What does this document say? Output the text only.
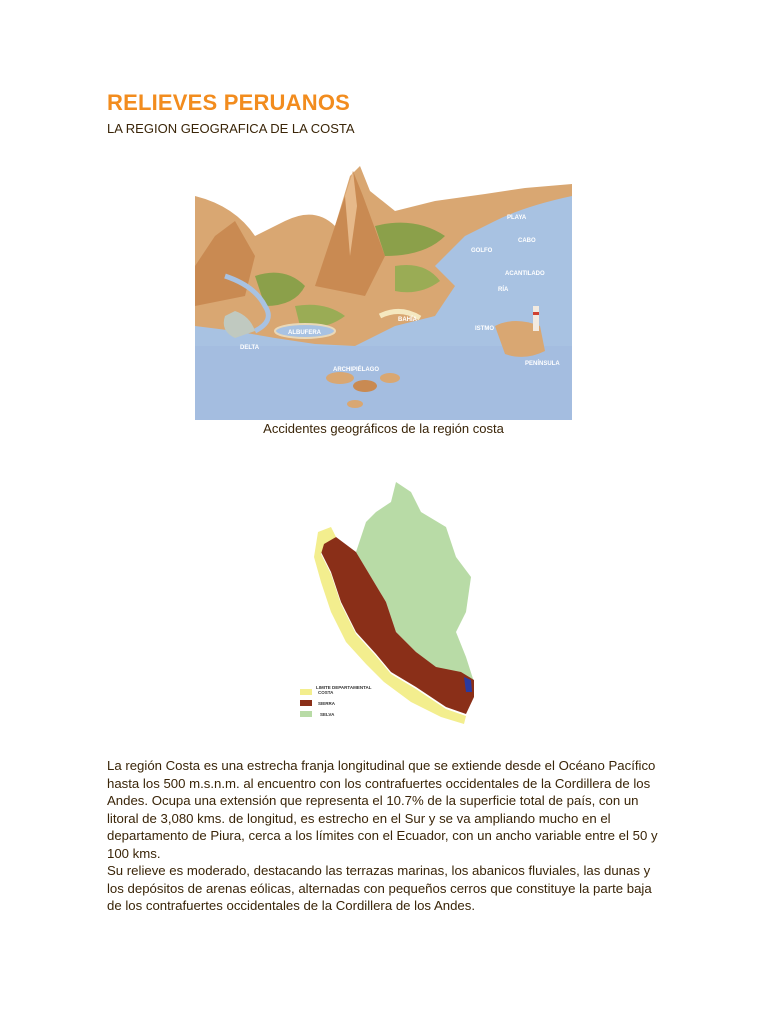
RELIEVES PERUANOS
LA REGION GEOGRAFICA DE LA COSTA
PLAYA
CABO
GOLFO
ACANTILADO
RÍA
ISTMO
BAHÍA
ALBUFERA
DELTA
PENÍNSULA
ARCHIPIÉLAGO
Accidentes geográficos de la región costa
LIMITE DEPARTAMENTAL
COSTA
SIERRA
SELVA

La región Costa es una estrecha franja longitudinal que se extiende desde el Océano Pacífico hasta los 500 m.s.n.m. al encuentro con los contrafuertes occidentales de la Cordillera de los Andes. Ocupa una extensión que representa el 10.7% de la superficie total de país, con un litoral de 3,080 kms. de longitud, es estrecho en el Sur y se va ampliando mucho en el departamento de Piura, cerca a los límites con el Ecuador, con un ancho variable entre el 50 y 100 kms.

Su relieve es moderado, destacando las terrazas marinas, los abanicos fluviales, las dunas y los depósitos de arenas eólicas, alternadas con pequeños cerros que constituye la parte baja de los contrafuertes occidentales de la Cordillera de los Andes.
